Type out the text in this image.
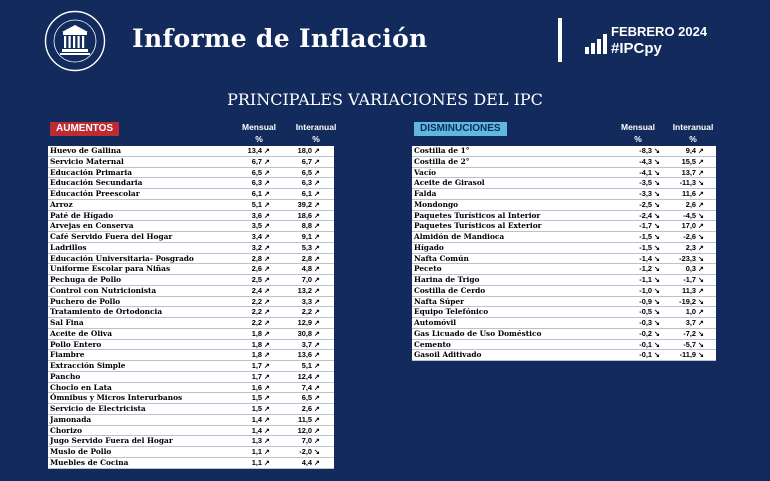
Informe de Inflación	FEBRERO 2024
#IPCpy
PRINCIPALES VARIACIONES DEL IPC
AUMENTOS	Mensual
%
Interanual
%
Huevo de Gallina	13,4 ↗	18,0 ↗
Servicio Maternal	6,7 ↗	6,7 ↗
Educación Primaria	6,5 ↗	6,5 ↗
Educación Secundaria	6,3 ↗	6,3 ↗
Educación Preescolar	6,1 ↗	6,1 ↗
Arroz	5,1 ↗	39,2 ↗
Paté de Hígado	3,6 ↗	18,6 ↗
Arvejas en Conserva	3,5 ↗	8,8 ↗
Café Servido Fuera del Hogar	3,4 ↗	9,1 ↗
Ladrillos	3,2 ↗	5,3 ↗
Educación Universitaria- Posgrado	2,8 ↗	2,8 ↗
Uniforme Escolar para Niñas	2,6 ↗	4,8 ↗
Pechuga de Pollo	2,5 ↗	7,0 ↗
Control con Nutricionista	2,4 ↗	13,2 ↗
Puchero de Pollo	2,2 ↗	3,3 ↗
Tratamiento de Ortodoncia	2,2 ↗	2,2 ↗
Sal Fina	2,2 ↗	12,9 ↗
Aceite de Oliva	1,8 ↗	30,8 ↗
Pollo Entero	1,8 ↗	3,7 ↗
Fiambre	1,8 ↗	13,6 ↗
Extracción Simple	1,7 ↗	5,1 ↗
Pancho	1,7 ↗	12,4 ↗
Choclo en Lata	1,6 ↗	7,4 ↗
Ómnibus y Micros Interurbanos	1,5 ↗	6,5 ↗
Servicio de Electricista	1,5 ↗	2,6 ↗
Jamonada	1,4 ↗	11,5 ↗
Chorizo	1,4 ↗	12,0 ↗
Jugo Servido Fuera del Hogar	1,3 ↗	7,0 ↗
Muslo de Pollo	1,1 ↗	-2,0 ↘
Muebles de Cocina	1,1 ↗	4,4 ↗
DISMINUCIONES	Mensual
%
Interanual
%
Costilla de 1°	-8,3 ↘	9,4 ↗
Costilla de 2°	-4,3 ↘	15,5 ↗
Vacío	-4,1 ↘	13,7 ↗
Aceite de Girasol	-3,5 ↘	-11,3 ↘
Falda	-3,3 ↘	11,6 ↗
Mondongo	-2,5 ↘	2,6 ↗
Paquetes Turísticos al Interior	-2,4 ↘	-4,5 ↘
Paquetes Turísticos al Exterior	-1,7 ↘	17,0 ↗
Almidón de Mandioca	-1,5 ↘	-2,6 ↘
Hígado	-1,5 ↘	2,3 ↗
Nafta Común	-1,4 ↘	-23,3 ↘
Peceto	-1,2 ↘	0,3 ↗
Harina de Trigo	-1,1 ↘	-1,7 ↘
Costilla de Cerdo	-1,0 ↘	11,3 ↗
Nafta Súper	-0,9 ↘	-19,2 ↘
Equipo Telefónico	-0,5 ↘	1,0 ↗
Automóvil	-0,3 ↘	3,7 ↗
Gas Licuado de Uso Doméstico	-0,2 ↘	-7,2 ↘
Cemento	-0,1 ↘	-5,7 ↘
Gasoil Aditivado	-0,1 ↘	-11,9 ↘
